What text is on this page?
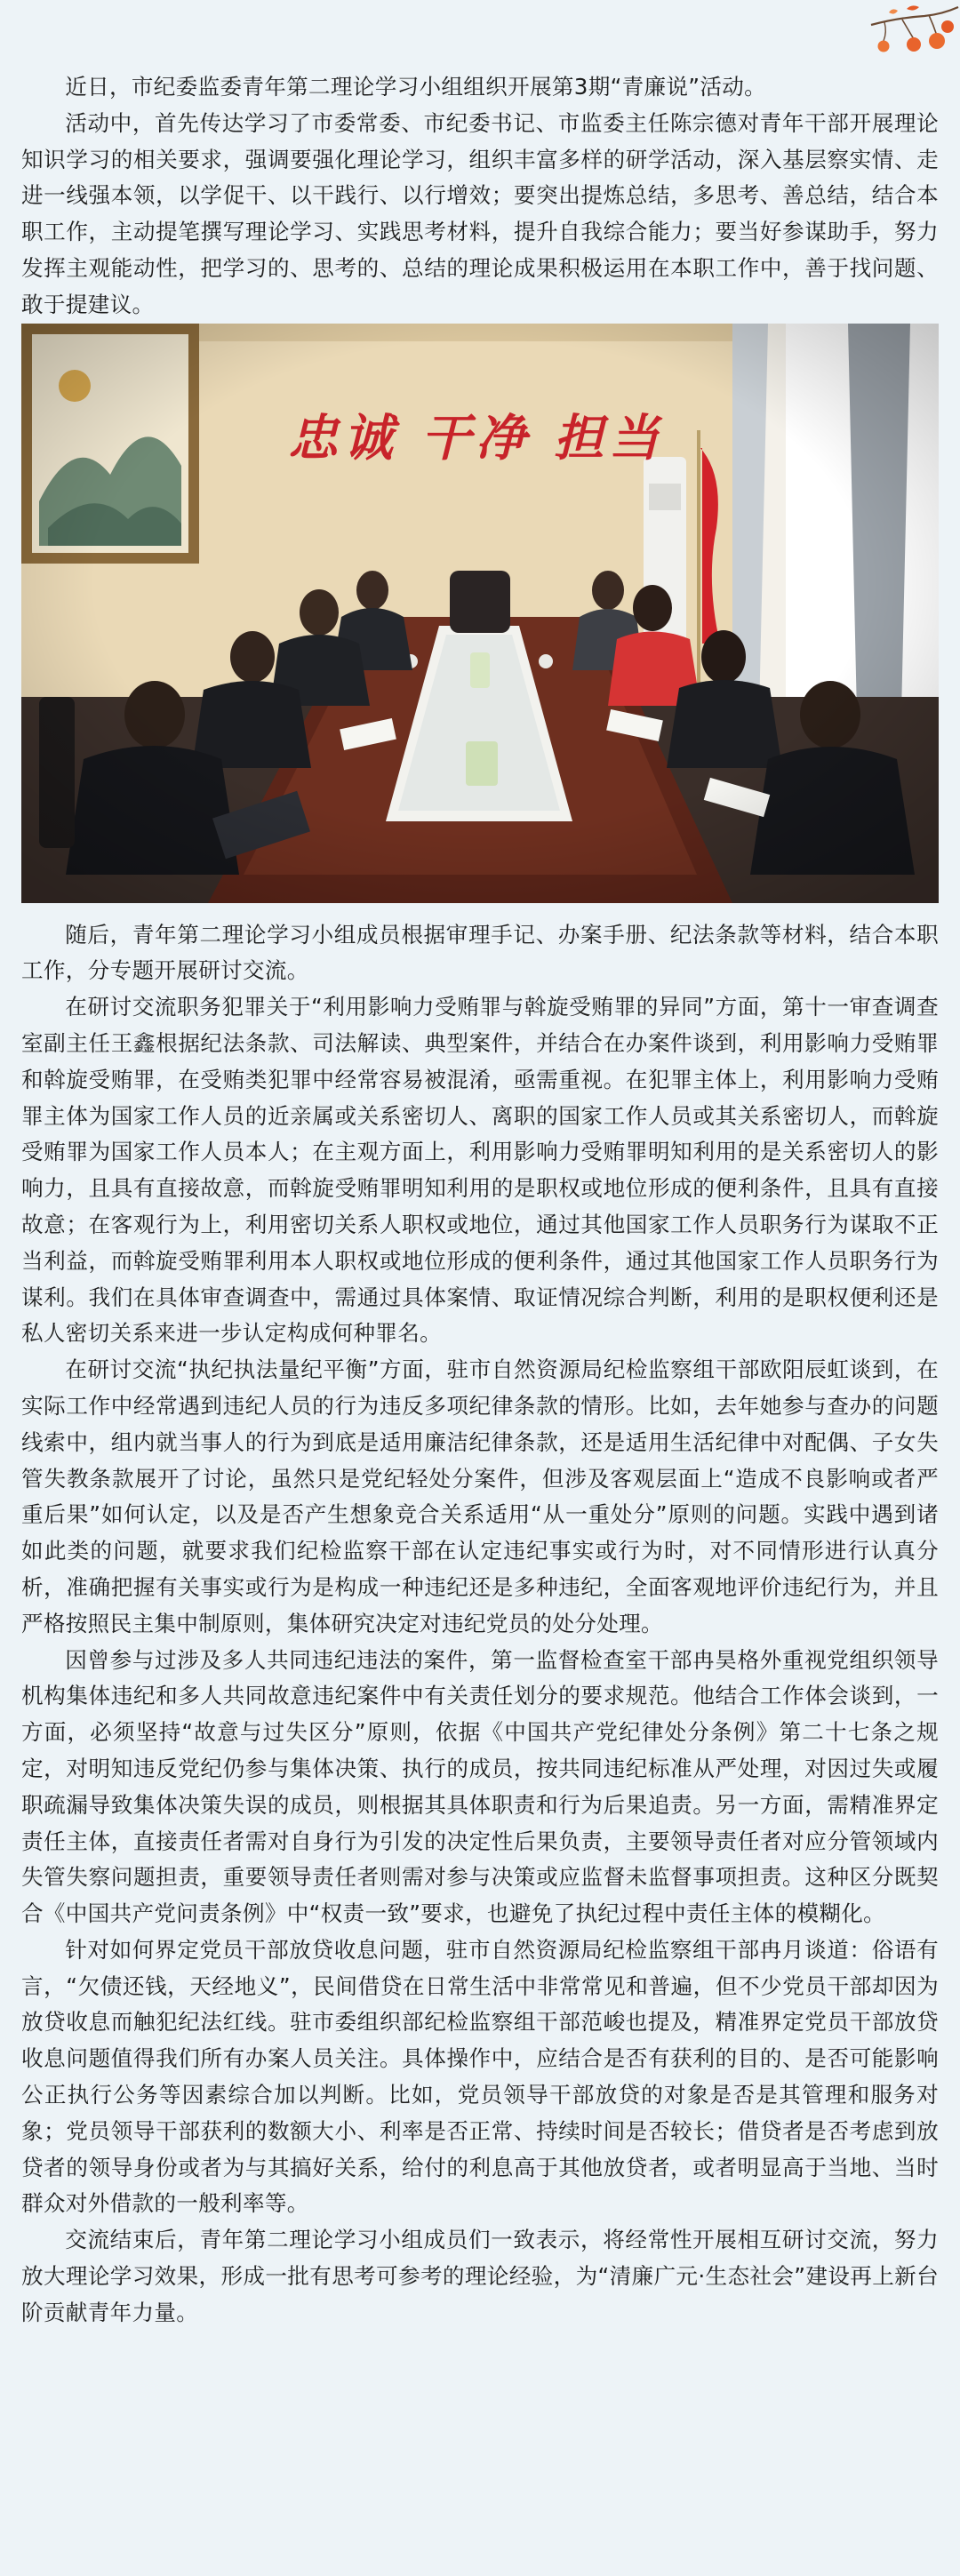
近日，市纪委监委青年第二理论学习小组组织开展第3期“青廉说”活动。

活动中，首先传达学习了市委常委、市纪委书记、市监委主任陈宗德对青年干部开展理论知识学习的相关要求，强调要强化理论学习，组织丰富多样的研学活动，深入基层察实情、走进一线强本领，以学促干、以干践行、以行增效；要突出提炼总结，多思考、善总结，结合本职工作，主动提笔撰写理论学习、实践思考材料，提升自我综合能力；要当好参谋助手，努力发挥主观能动性，把学习的、思考的、总结的理论成果积极运用在本职工作中，善于找问题、敢于提建议。

忠诚 干净 担当

随后，青年第二理论学习小组成员根据审理手记、办案手册、纪法条款等材料，结合本职工作，分专题开展研讨交流。

在研讨交流职务犯罪关于“利用影响力受贿罪与斡旋受贿罪的异同”方面，第十一审查调查室副主任王鑫根据纪法条款、司法解读、典型案件，并结合在办案件谈到，利用影响力受贿罪和斡旋受贿罪，在受贿类犯罪中经常容易被混淆，亟需重视。在犯罪主体上，利用影响力受贿罪主体为国家工作人员的近亲属或关系密切人、离职的国家工作人员或其关系密切人，而斡旋受贿罪为国家工作人员本人；在主观方面上，利用影响力受贿罪明知利用的是关系密切人的影响力，且具有直接故意，而斡旋受贿罪明知利用的是职权或地位形成的便利条件，且具有直接故意；在客观行为上，利用密切关系人职权或地位，通过其他国家工作人员职务行为谋取不正当利益，而斡旋受贿罪利用本人职权或地位形成的便利条件，通过其他国家工作人员职务行为谋利。我们在具体审查调查中，需通过具体案情、取证情况综合判断，利用的是职权便利还是私人密切关系来进一步认定构成何种罪名。

在研讨交流“执纪执法量纪平衡”方面，驻市自然资源局纪检监察组干部欧阳辰虹谈到，在实际工作中经常遇到违纪人员的行为违反多项纪律条款的情形。比如，去年她参与查办的问题线索中，组内就当事人的行为到底是适用廉洁纪律条款，还是适用生活纪律中对配偶、子女失管失教条款展开了讨论，虽然只是党纪轻处分案件，但涉及客观层面上“造成不良影响或者严重后果”如何认定，以及是否产生想象竞合关系适用“从一重处分”原则的问题。实践中遇到诸如此类的问题，就要求我们纪检监察干部在认定违纪事实或行为时，对不同情形进行认真分析，准确把握有关事实或行为是构成一种违纪还是多种违纪，全面客观地评价违纪行为，并且严格按照民主集中制原则，集体研究决定对违纪党员的处分处理。

因曾参与过涉及多人共同违纪违法的案件，第一监督检查室干部冉昊格外重视党组织领导机构集体违纪和多人共同故意违纪案件中有关责任划分的要求规范。他结合工作体会谈到，一方面，必须坚持“故意与过失区分”原则，依据《中国共产党纪律处分条例》第二十七条之规定，对明知违反党纪仍参与集体决策、执行的成员，按共同违纪标准从严处理，对因过失或履职疏漏导致集体决策失误的成员，则根据其具体职责和行为后果追责。另一方面，需精准界定责任主体，直接责任者需对自身行为引发的决定性后果负责，主要领导责任者对应分管领域内失管失察问题担责，重要领导责任者则需对参与决策或应监督未监督事项担责。这种区分既契合《中国共产党问责条例》中“权责一致”要求，也避免了执纪过程中责任主体的模糊化。

针对如何界定党员干部放贷收息问题，驻市自然资源局纪检监察组干部冉月谈道：俗语有言，“欠债还钱，天经地义”，民间借贷在日常生活中非常常见和普遍，但不少党员干部却因为放贷收息而触犯纪法红线。驻市委组织部纪检监察组干部范峻也提及，精准界定党员干部放贷收息问题值得我们所有办案人员关注。具体操作中，应结合是否有获利的目的、是否可能影响公正执行公务等因素综合加以判断。比如，党员领导干部放贷的对象是否是其管理和服务对象；党员领导干部获利的数额大小、利率是否正常、持续时间是否较长；借贷者是否考虑到放贷者的领导身份或者为与其搞好关系，给付的利息高于其他放贷者，或者明显高于当地、当时群众对外借款的一般利率等。

交流结束后，青年第二理论学习小组成员们一致表示，将经常性开展相互研讨交流，努力放大理论学习效果，形成一批有思考可参考的理论经验，为“清廉广元·生态社会”建设再上新台阶贡献青年力量。
